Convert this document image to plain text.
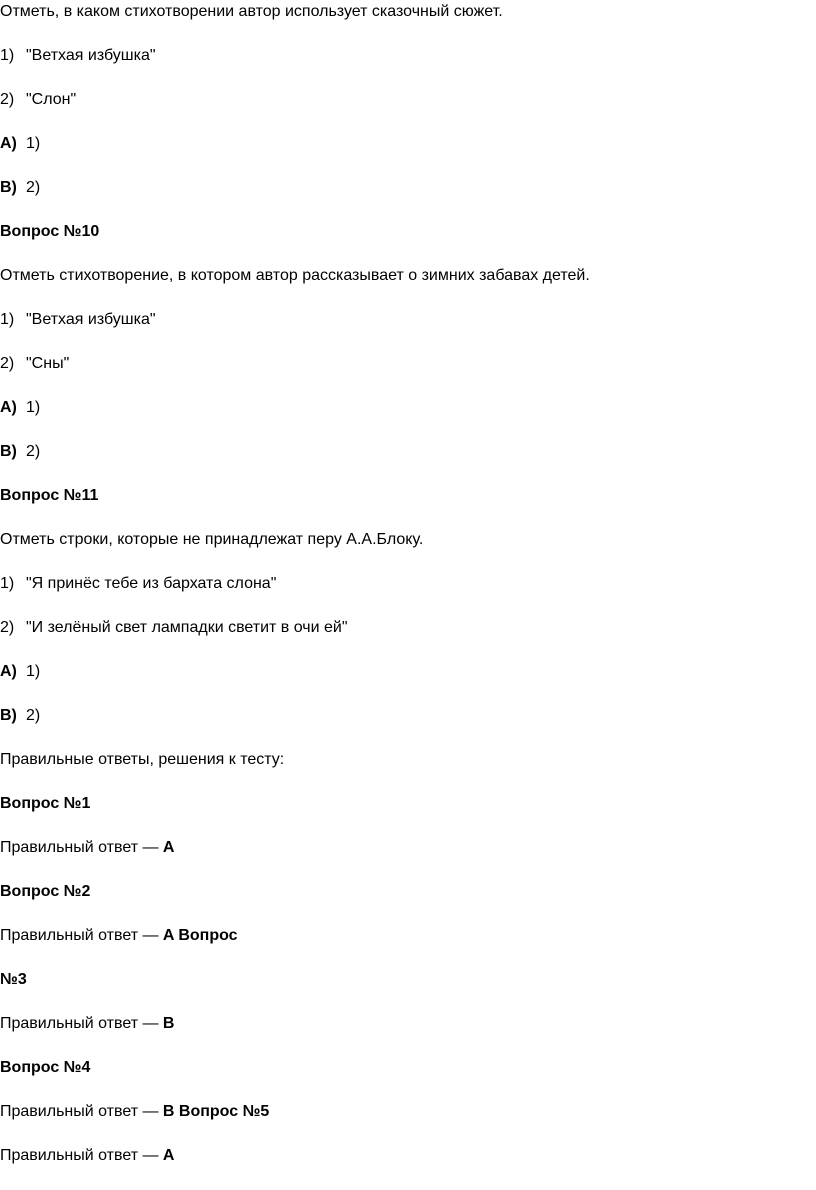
Отметь, в каком стихотворении автор использует сказочный сюжет.
1) "Ветхая избушка"
2) "Слон"
A) 1)
B) 2)
Вопрос №10
Отметь стихотворение, в котором автор рассказывает о зимних забавах детей.
1) "Ветхая избушка"
2) "Сны"
A) 1)
B) 2)
Вопрос №11
Отметь строки, которые не принадлежат перу А.А.Блоку.
1) "Я принёс тебе из бархата слона"
2) "И зелёный свет лампадки светит в очи ей"
A) 1)
B) 2)
Правильные ответы, решения к тесту:
Вопрос №1
Правильный ответ — A
Вопрос №2
Правильный ответ — A Вопрос
№3
Правильный ответ — B
Вопрос №4
Правильный ответ — B Вопрос №5
Правильный ответ — A
